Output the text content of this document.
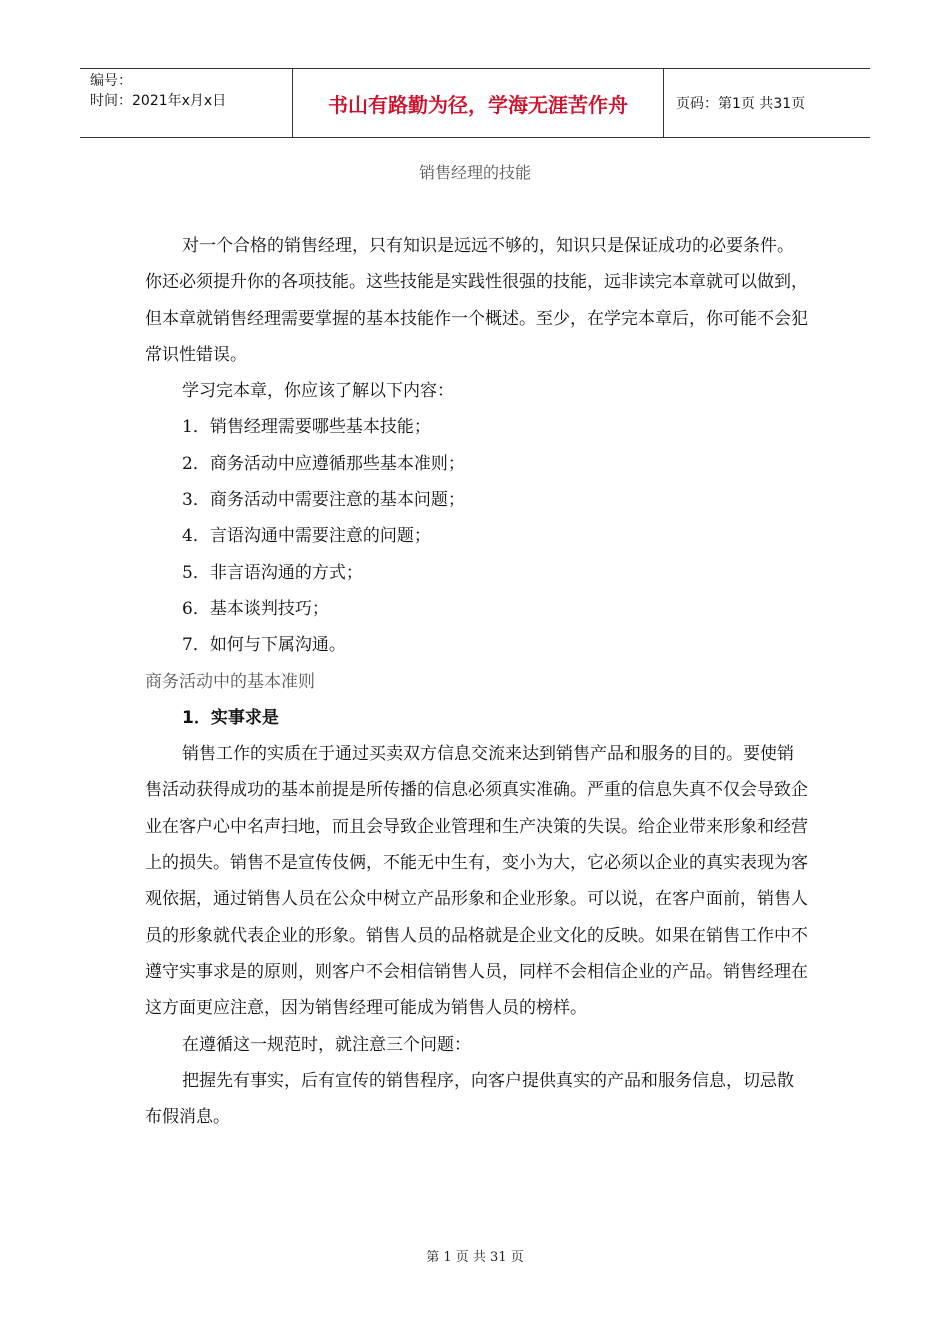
编号：
时间：2021年x月x日	书山有路勤为径，学海无涯苦作舟	页码：第1页 共31页
销售经理的技能

对一个合格的销售经理，只有知识是远远不够的，知识只是保证成功的必要条件。你还必须提升你的各项技能。这些技能是实践性很强的技能，远非读完本章就可以做到，但本章就销售经理需要掌握的基本技能作一个概述。至少，在学完本章后，你可能不会犯常识性错误。

学习完本章，你应该了解以下内容：

1．销售经理需要哪些基本技能；

2．商务活动中应遵循那些基本准则；

3．商务活动中需要注意的基本问题；

4．言语沟通中需要注意的问题；

5．非言语沟通的方式；

6．基本谈判技巧；

7．如何与下属沟通。

商务活动中的基本准则

1．实事求是

销售工作的实质在于通过买卖双方信息交流来达到销售产品和服务的目的。要使销售活动获得成功的基本前提是所传播的信息必须真实准确。严重的信息失真不仅会导致企业在客户心中名声扫地，而且会导致企业管理和生产决策的失误。给企业带来形象和经营上的损失。销售不是宣传伎俩，不能无中生有，变小为大，它必须以企业的真实表现为客观依据，通过销售人员在公众中树立产品形象和企业形象。可以说，在客户面前，销售人员的形象就代表企业的形象。销售人员的品格就是企业文化的反映。如果在销售工作中不遵守实事求是的原则，则客户不会相信销售人员，同样不会相信企业的产品。销售经理在这方面更应注意，因为销售经理可能成为销售人员的榜样。

在遵循这一规范时，就注意三个问题：

把握先有事实，后有宣传的销售程序，向客户提供真实的产品和服务信息，切忌散布假消息。

第 1 页 共 31 页
